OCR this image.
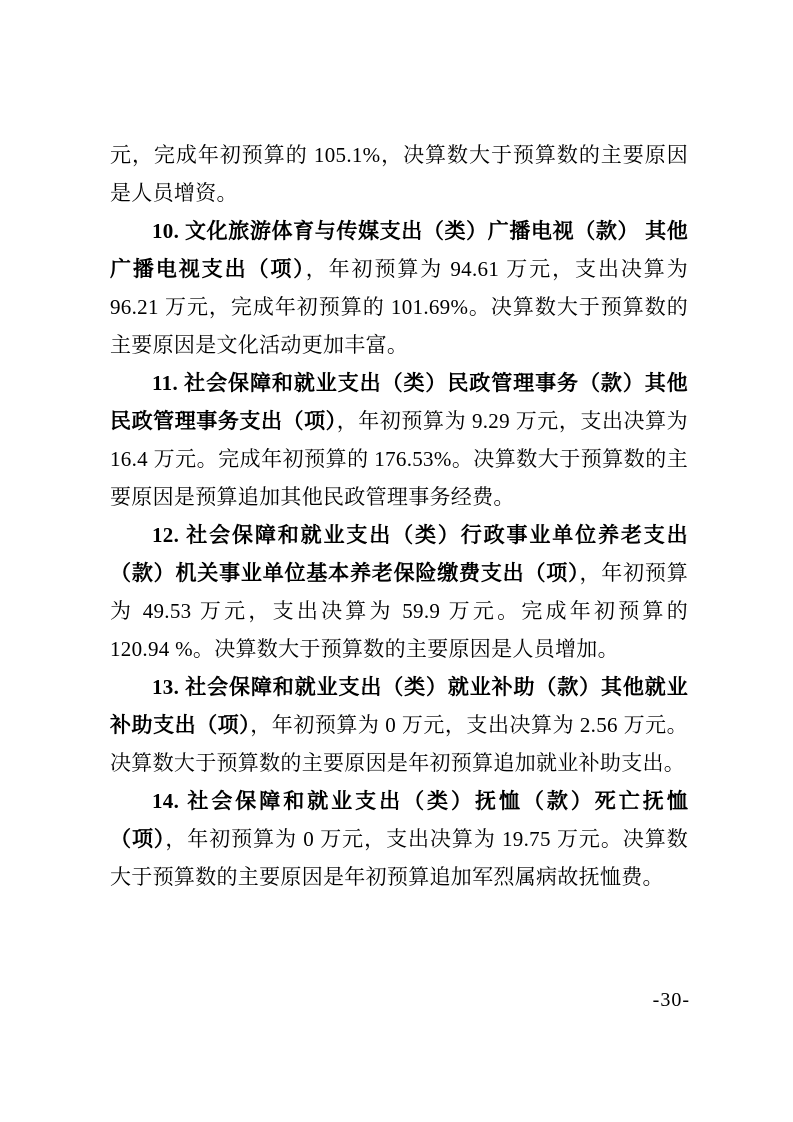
元，完成年初预算的 105.1%，决算数大于预算数的主要原因是人员增资。

10. 文化旅游体育与传媒支出（类）广播电视（款） 其他广播电视支出（项），年初预算为 94.61 万元，支出决算为 96.21 万元，完成年初预算的 101.69%。决算数大于预算数的主要原因是文化活动更加丰富。

11. 社会保障和就业支出（类）民政管理事务（款）其他民政管理事务支出（项），年初预算为 9.29 万元，支出决算为 16.4 万元。完成年初预算的 176.53%。决算数大于预算数的主要原因是预算追加其他民政管理事务经费。

12. 社会保障和就业支出（类）行政事业单位养老支出（款）机关事业单位基本养老保险缴费支出（项），年初预算为 49.53 万元，支出决算为 59.9 万元。完成年初预算的 120.94 %。决算数大于预算数的主要原因是人员增加。

13. 社会保障和就业支出（类）就业补助（款）其他就业补助支出（项），年初预算为 0 万元，支出决算为 2.56 万元。决算数大于预算数的主要原因是年初预算追加就业补助支出。

14. 社会保障和就业支出（类）抚恤（款）死亡抚恤（项），年初预算为 0 万元，支出决算为 19.75 万元。决算数大于预算数的主要原因是年初预算追加军烈属病故抚恤费。

-30-
